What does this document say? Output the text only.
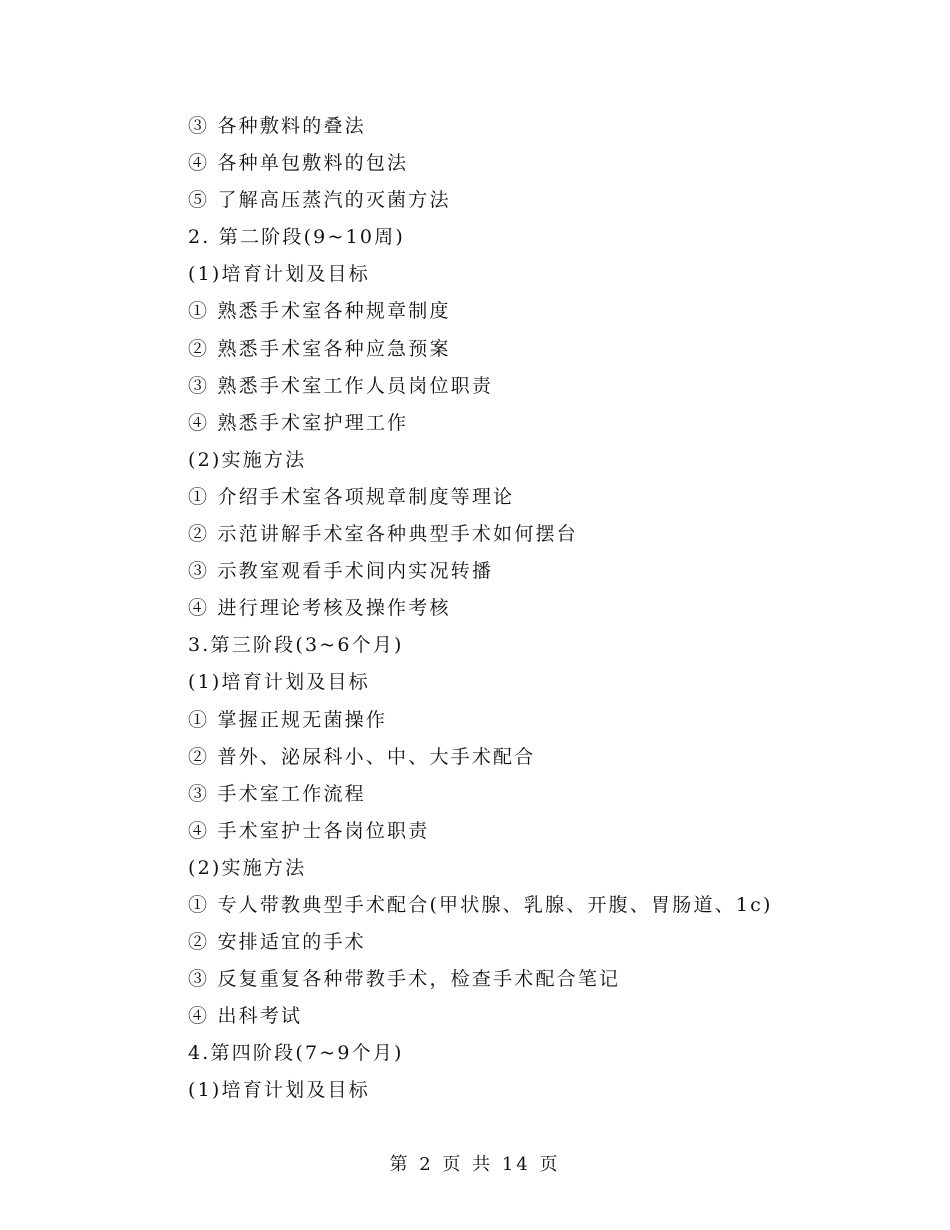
③ 各种敷料的叠法
④ 各种单包敷料的包法
⑤ 了解高压蒸汽的灭菌方法
2. 第二阶段(9~10周)
(1)培育计划及目标
① 熟悉手术室各种规章制度
② 熟悉手术室各种应急预案
③ 熟悉手术室工作人员岗位职责
④ 熟悉手术室护理工作
(2)实施方法
① 介绍手术室各项规章制度等理论
② 示范讲解手术室各种典型手术如何摆台
③ 示教室观看手术间内实况转播
④ 进行理论考核及操作考核
3.第三阶段(3~6个月)
(1)培育计划及目标
① 掌握正规无菌操作
② 普外、泌尿科小、中、大手术配合
③ 手术室工作流程
④ 手术室护士各岗位职责
(2)实施方法
① 专人带教典型手术配合(甲状腺、乳腺、开腹、胃肠道、1c)
② 安排适宜的手术
③ 反复重复各种带教手术，检查手术配合笔记
④ 出科考试
4.第四阶段(7~9个月)
(1)培育计划及目标
第 2 页 共 14 页
